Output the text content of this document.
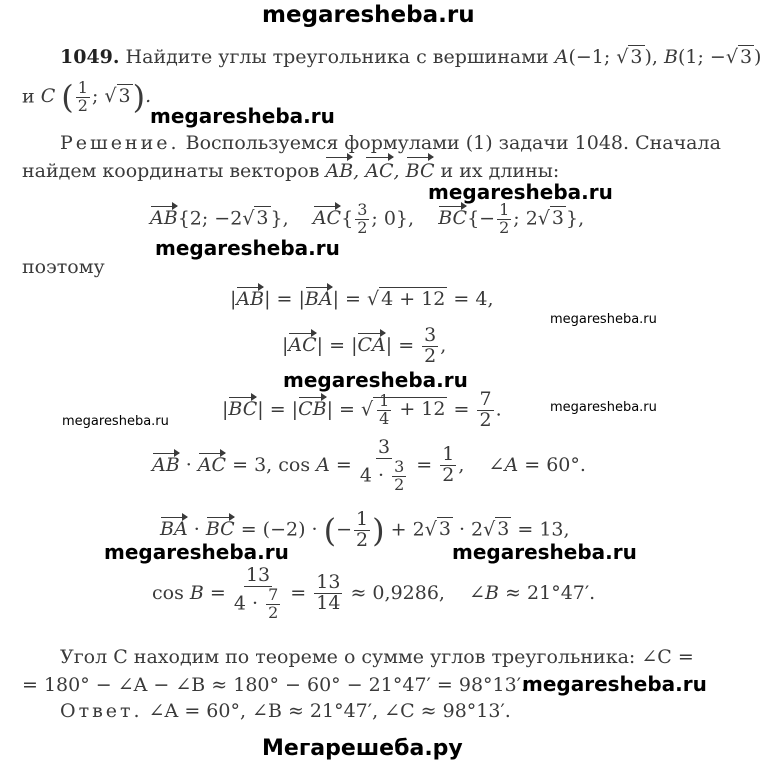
megaresheba.ru
1049. Найдите углы треугольника с вершинами A(−1; √ 3 ), B(1; −√ 3 )
и C ( $\frac{1}{2}$ ; √ 3).
megaresheba.ru
Решение. Воспользуемся формулами (1) задачи 1048. Сначала
найдем координаты векторов AB, AC, BC и их длины:
megaresheba.ru
AB{2; −2√ 3 }, $AC\{ \frac{3}{2}$ ; 0}, $BC\{- \frac{1}{2}$ ; 2√ 3 },
megaresheba.ru
поэтому
|AB| = |BA| = √ 4 + 12 = 4,
megaresheba.ru
$|AC| = |CA| = \frac{3}{2}$ ,
megaresheba.ru
|BC| = |CB| = √ $\frac{1}{4} + 12 = \frac{7}{2}$ .
megaresheba.ru
megaresheba.ru
AB · AC = 3, $\cos A = \frac{3}{4 \cdot \frac{3}{2}} = \frac{1}{2}$ ,    ∠A = 60°.
BA · BC = (−2) · (− $\frac{1}{2}$ ) + 2√ 3 · 2√ 3 = 13,
megaresheba.ru	megaresheba.ru
$\cos B = \frac{13}{4 \cdot \frac{7}{2}} = \frac{13}{14} \approx 0,9286$,    ∠B ≈ 21°47′.
Угол C находим по теореме о сумме углов треугольника: ∠C =
= 180° − ∠A − ∠B ≈ 180° − 60° − 21°47′ = 98°13′.
megaresheba.ru
Ответ. ∠A = 60°, ∠B ≈ 21°47′, ∠C ≈ 98°13′.
Мегарешеба.ру
